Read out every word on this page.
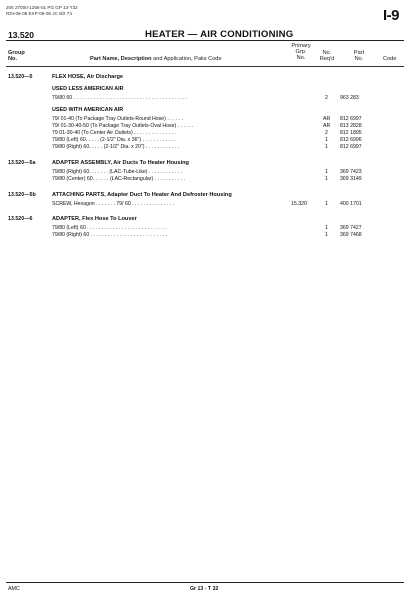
205 27000-1256-01 PG GP 13-T32
RDI-06-08 EXP-06-08 JC 9/2 74
13.520	HEATER — AIR CONDITIONING
I-9
Group
No.	Part Name, Description and Application, Paks Code
Primary
Grp.
No.
No.
Req'd
Part
No.	Code
13.520—5	FLEX HOSE, Air Discharge
USED LESS AMERICAN AIR
79/80 60 . . . . . . . . . . . . . . . . . . . . . . . . . . . . . . . . . . . . . . . .	2 963 283
USED WITH AMERICAN AIR
79/ 01-40 (To Package Tray Outlets-Round Hose) . . . . . .	AR 812 6997
79/ 01-30-40-50 (To Package Tray Outlets-Oval Hose) . . . . . .	AR 813 2828
79 01-30-40 (To Center Air Outlets) . . . . . . . . . . . . . . .	2 812 1895
79/80 (Left) 60. . . . . (2-1/2" Dia. x 36") . . . . . . . . . . . .	1 812 6996
79/80 (Right) 60. . . . . (2-1/2" Dia. x 20") . . . . . . . . . . . .	1 812 6997
13.520—5a	ADAPTER ASSEMBLY, Air Ducts To Heater Housing
79/80 (Right) 60. . . . . . . (LAC-Tube-Like) . . . . . . . . . . . .	1 369 7423
79/80 (Center) 60. . . . . . (LAC-Rectangular) . . . . . . . . . . .	1 369 3149
13.520—5b	ATTACHING PARTS, Adapter Duct To Heater And Defroster Housing
SCREW, Hexagon . . . . . . . 79/ 60 . . . . . . . . . . . . . . .	15.320	1 400 1701
13.520—6	ADAPTER, Flex Hose To Louver
79/80 (Left) 60 . . . . . . . . . . . . . . . . . . . . . . . . . . . .	1 369 7427
79/80 (Right) 60 . . . . . . . . . . . . . . . . . . . . . . . . . . .	1 369 7468
AMC	Gr 13 - T 32
